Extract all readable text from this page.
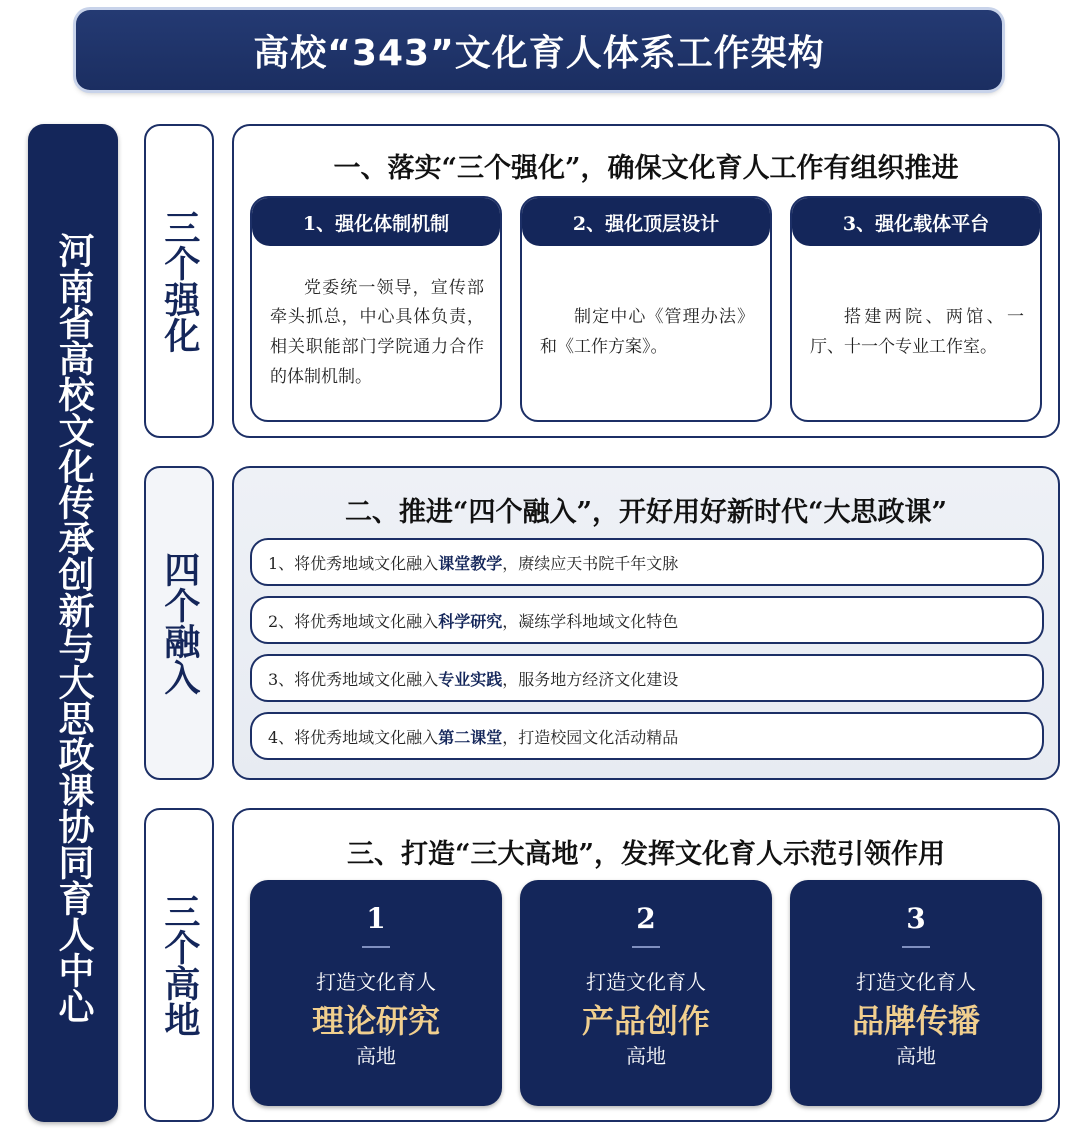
高校“343”文化育人体系工作架构
河南省高校文化传承创新与大思政课协同育人中心 三个强化
四个融入
三个高地
一、落实“三个强化”，确保文化育人工作有组织推进
1、强化体制机制
党委统一领导，宣传部牵头抓总，中心具体负责，相关职能部门学院通力合作的体制机制。
2、强化顶层设计
制定中心《管理办法》和《工作方案》。
3、强化载体平台
搭建两院、两馆、一厅、十一个专业工作室。
二、推进“四个融入”，开好用好新时代“大思政课”
1、将优秀地域文化融入 课堂教学 ，赓续应天书院千年文脉
2、将优秀地域文化融入 科学研究 ，凝练学科地域文化特色
3、将优秀地域文化融入 专业实践 ，服务地方经济文化建设
4、将优秀地域文化融入 第二课堂 ，打造校园文化活动精品
三、打造“三大高地”，发挥文化育人示范引领作用
1
打造文化育人
理论研究
高地
2
打造文化育人
产品创作
高地
3
打造文化育人
品牌传播
高地
